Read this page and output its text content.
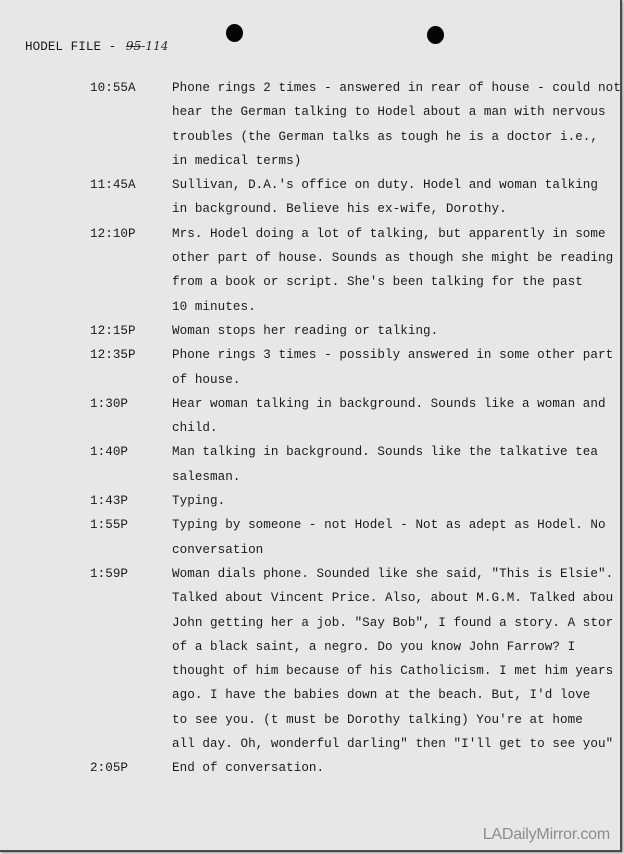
HODEL FILE - 95-114
10:55A	Phone rings 2 times - answered in rear of house - could not
hear the German talking to Hodel about a man with nervous
troubles (the German talks as tough he is a doctor i.e.,
in medical terms)
11:45A	Sullivan, D.A.'s office on duty. Hodel and woman talking
in background. Believe his ex-wife, Dorothy.
12:10P	Mrs. Hodel doing a lot of talking, but apparently in some
other part of house. Sounds as though she might be reading
from a book or script. She's been talking for the past
10 minutes.
12:15P	Woman stops her reading or talking.
12:35P	Phone rings 3 times - possibly answered in some other part
of house.
1:30P	Hear woman talking in background. Sounds like a woman and
child.
1:40P	Man talking in background. Sounds like the talkative tea
salesman.
1:43P	Typing.
1:55P	Typing by someone - not Hodel - Not as adept as Hodel. No
conversation
1:59P	Woman dials phone. Sounded like she said, "This is Elsie".
Talked about Vincent Price. Also, about M.G.M. Talked abou
John getting her a job. "Say Bob", I found a story. A stor
of a black saint, a negro. Do you know John Farrow? I
thought of him because of his Catholicism. I met him years
ago. I have the babies down at the beach. But, I'd love
to see you. (t must be Dorothy talking) You're at home
all day. Oh, wonderful darling" then "I'll get to see you"
2:05P	End of conversation.
LADailyMirror.com
